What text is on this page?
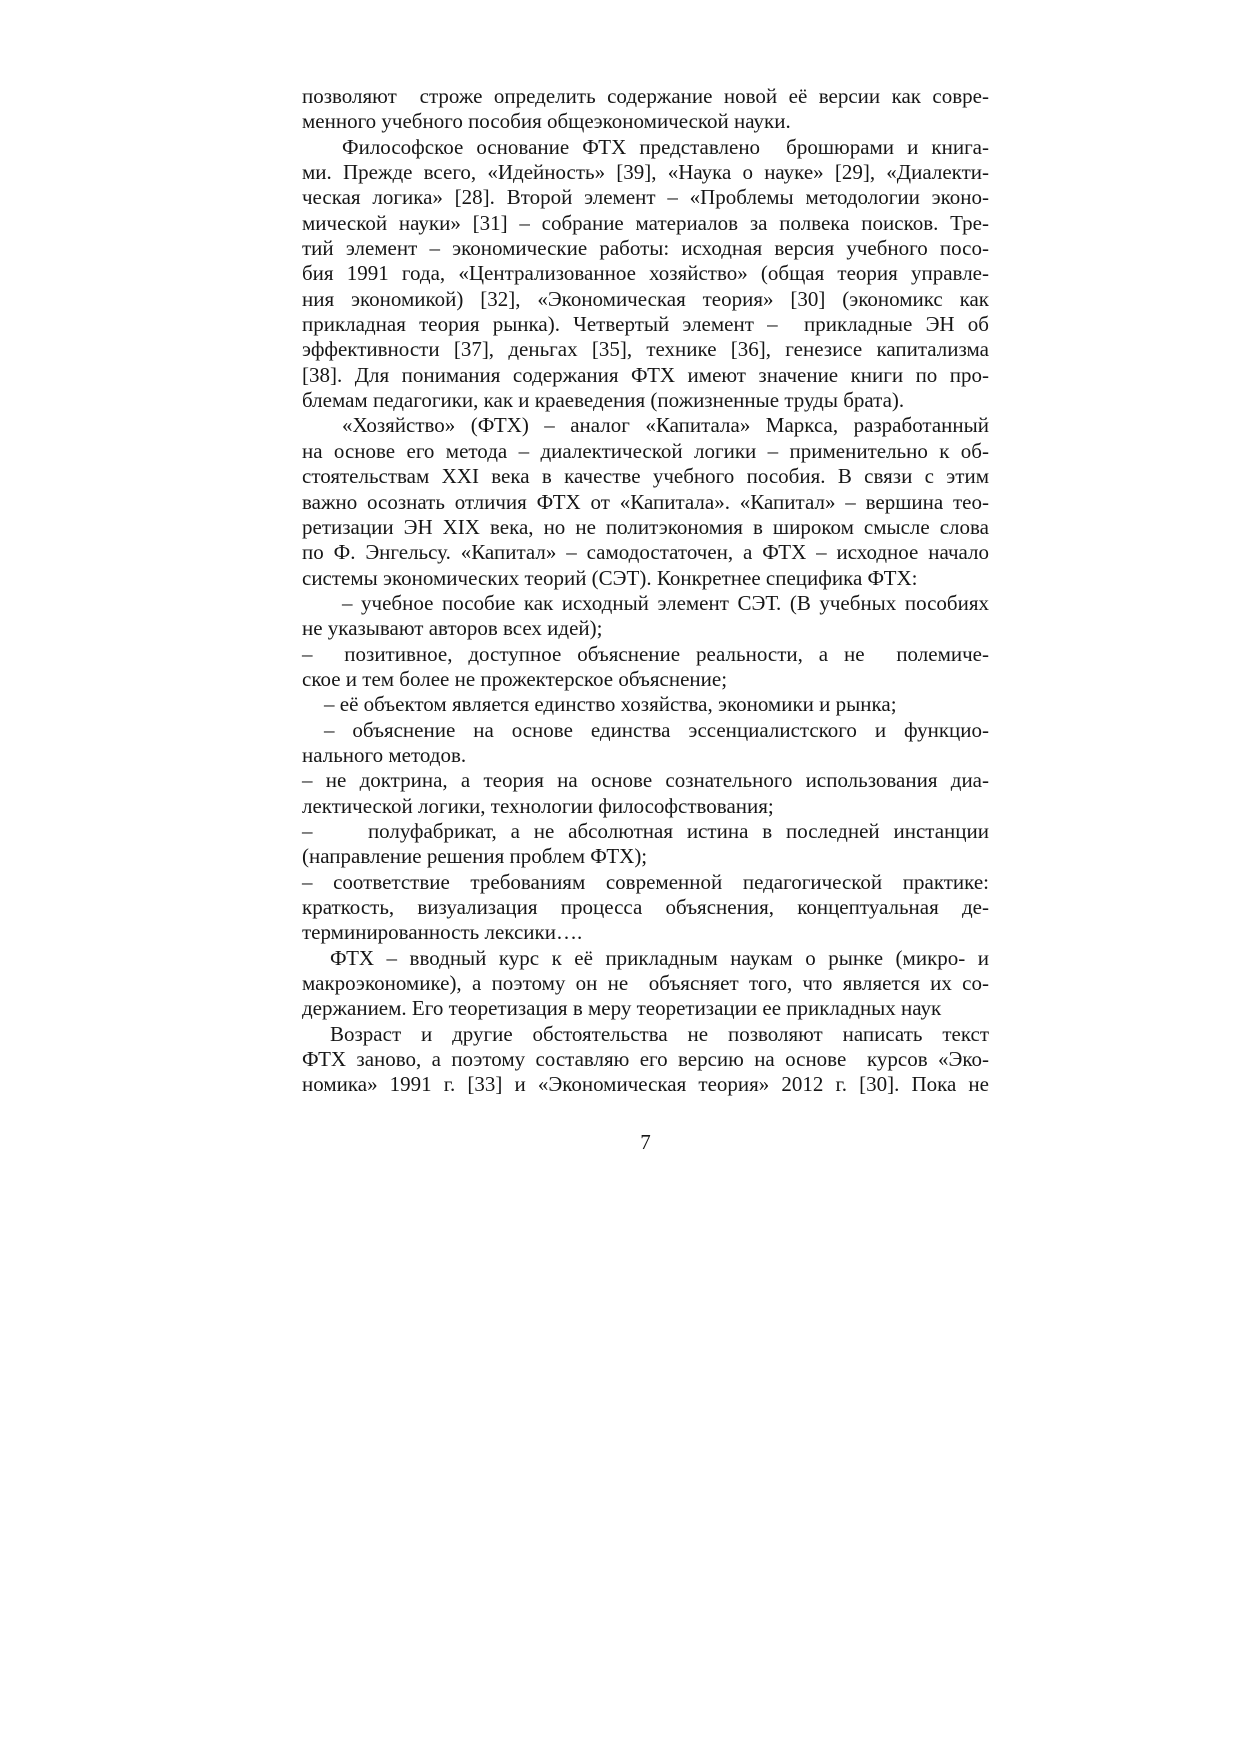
позволяют  строже определить содержание новой её версии как совре-
менного учебного пособия общеэкономической науки.
Философское основание ФТХ представлено  брошюрами и книга-
ми. Прежде всего, «Идейность» [39], «Наука о науке» [29], «Диалекти-
ческая логика» [28]. Второй элемент – «Проблемы методологии эконо-
мической науки» [31] – собрание материалов за полвека поисков. Тре-
тий элемент – экономические работы: исходная версия учебного посо-
бия 1991 года, «Централизованное хозяйство» (общая теория управле-
ния экономикой) [32], «Экономическая теория» [30] (экономикс как
прикладная теория рынка). Четвертый элемент –  прикладные ЭН об
эффективности [37], деньгах [35], технике [36], генезисе капитализма
[38]. Для понимания содержания ФТХ имеют значение книги по про-
блемам педагогики, как и краеведения (пожизненные труды брата).
«Хозяйство» (ФТХ) – аналог «Капитала» Маркса, разработанный
на основе его метода – диалектической логики – применительно к об-
стоятельствам XXI века в качестве учебного пособия. В связи с этим
важно осознать отличия ФТХ от «Капитала». «Капитал» – вершина тео-
ретизации ЭН XIX века, но не политэкономия в широком смысле слова
по Ф. Энгельсу. «Капитал» – самодостаточен, а ФТХ – исходное начало
системы экономических теорий (СЭТ). Конкретнее специфика ФТХ:
– учебное пособие как исходный элемент СЭТ. (В учебных пособиях
не указывают авторов всех идей);
–  позитивное, доступное объяснение реальности, а не  полемиче-
ское и тем более не прожектерское объяснение;
– её объектом является единство хозяйства, экономики и рынка;
– объяснение на основе единства эссенциалистского и функцио-
нального методов.
– не доктрина, а теория на основе сознательного использования диа-
лектической логики, технологии философствования;
–    полуфабрикат, а не абсолютная истина в последней инстанции
(направление решения проблем ФТХ);
– соответствие требованиям современной педагогической практике:
краткость, визуализация процесса объяснения, концептуальная де-
терминированность лексики….
ФТХ – вводный курс к её прикладным наукам о рынке (микро- и
макроэкономике), а поэтому он не  объясняет того, что является их со-
держанием. Его теоретизация в меру теоретизации ее прикладных наук
Возраст и другие обстоятельства не позволяют написать текст
ФТХ заново, а поэтому составляю его версию на основе  курсов «Эко-
номика» 1991 г. [33] и «Экономическая теория» 2012 г. [30]. Пока не
7
